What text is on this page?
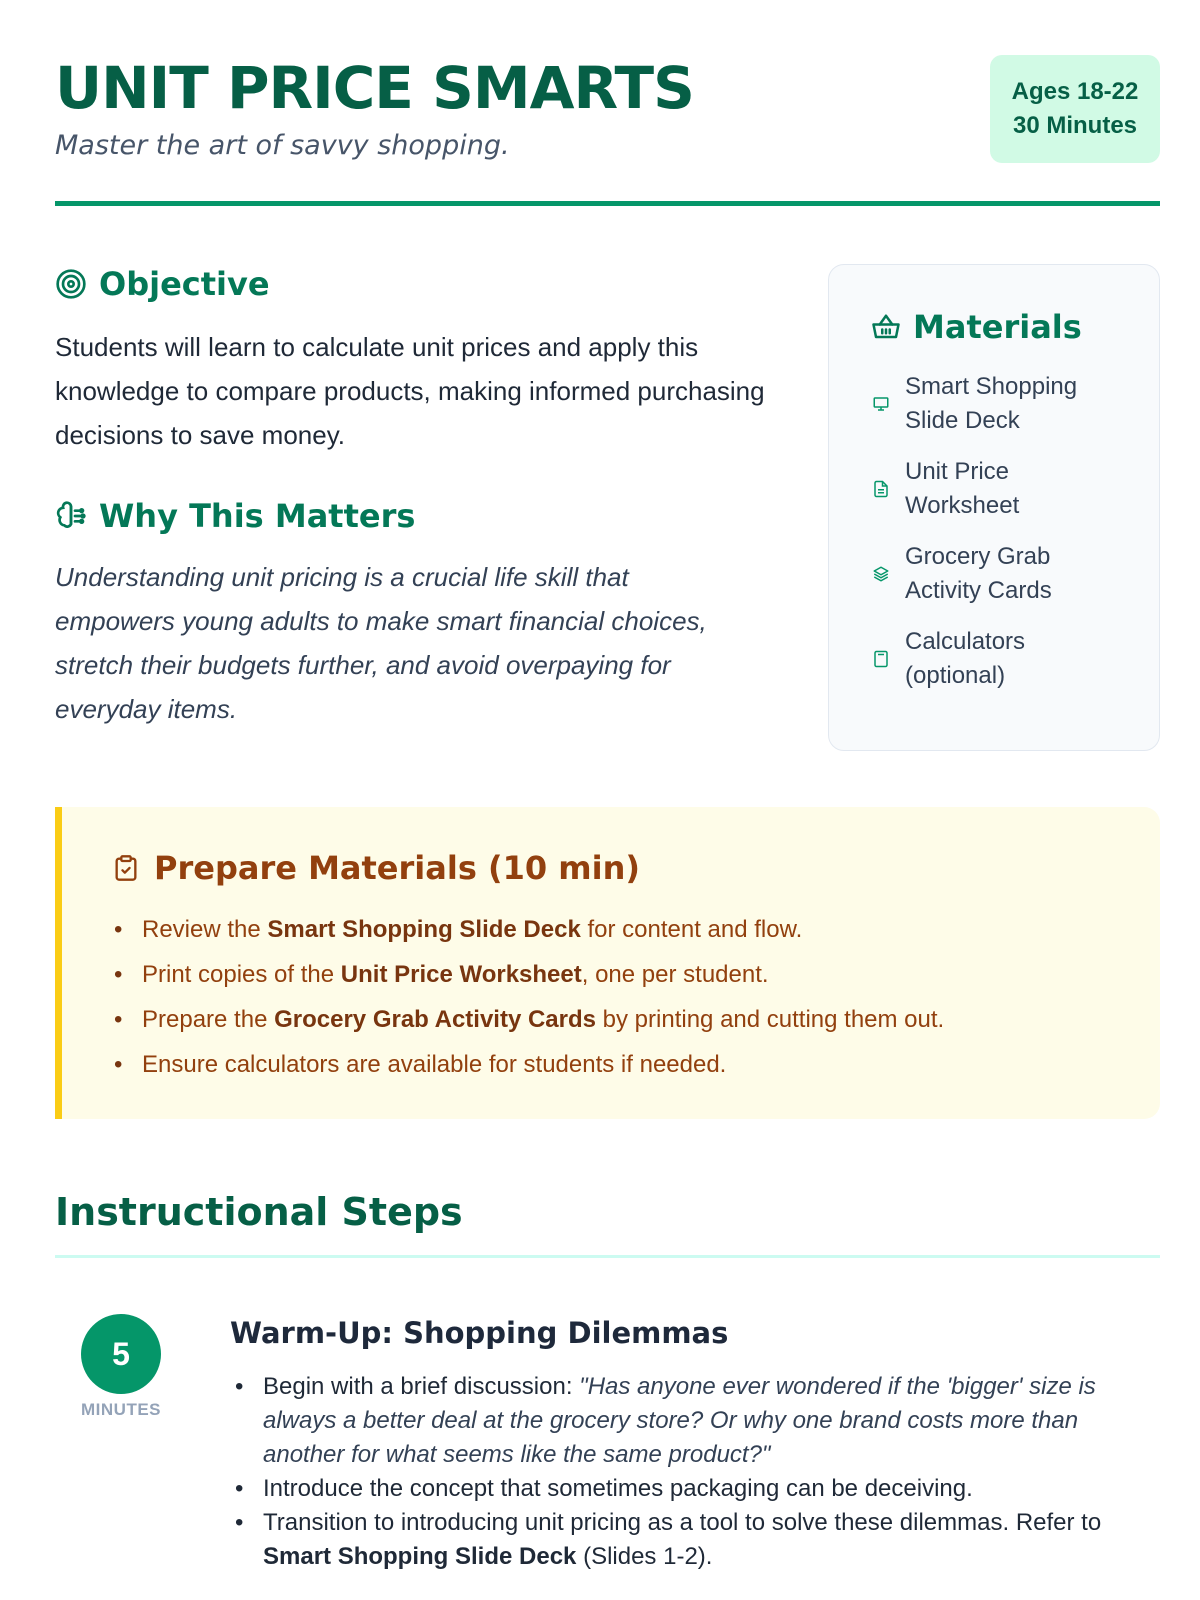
UNIT PRICE SMARTS
Master the art of savvy shopping.
Ages 18-22
30 Minutes
Objective
Students will learn to calculate unit prices and apply this knowledge to compare products, making informed purchasing decisions to save money.
Why This Matters
Understanding unit pricing is a crucial life skill that empowers young adults to make smart financial choices, stretch their budgets further, and avoid overpaying for everyday items.
Materials
Smart Shopping
Slide Deck
Unit Price
Worksheet
Grocery Grab
Activity Cards
Calculators
(optional)
Prepare Materials (10 min)
• Review the Smart Shopping Slide Deck for content and flow.
• Print copies of the Unit Price Worksheet, one per student.
• Prepare the Grocery Grab Activity Cards by printing and cutting them out.
• Ensure calculators are available for students if needed.
Instructional Steps
5
MINUTES
Warm-Up: Shopping Dilemmas
• Begin with a brief discussion: "Has anyone ever wondered if the 'bigger' size is always a better deal at the grocery store? Or why one brand costs more than another for what seems like the same product?"
• Introduce the concept that sometimes packaging can be deceiving.
• Transition to introducing unit pricing as a tool to solve these dilemmas. Refer to Smart Shopping Slide Deck (Slides 1-2).
